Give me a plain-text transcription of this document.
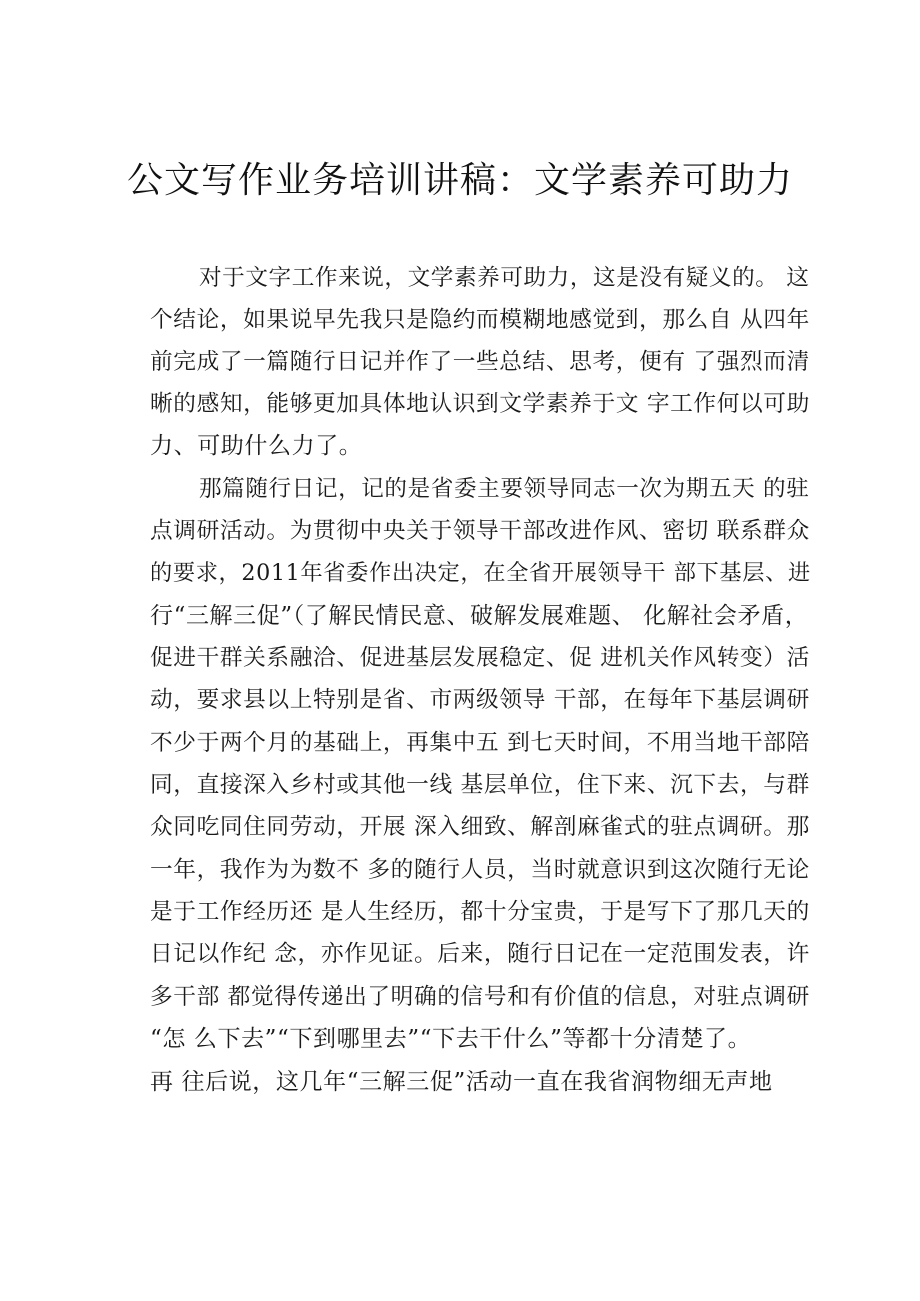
公文写作业务培训讲稿：文学素养可助力
对于文字工作来说，文学素养可助力，这是没有疑义的。 这
个结论，如果说早先我只是隐约而模糊地感觉到，那么自 从四年
前完成了一篇随行日记并作了一些总结、思考，便有 了强烈而清
晰的感知，能够更加具体地认识到文学素养于文 字工作何以可助
力、可助什么力了。
那篇随行日记，记的是省委主要领导同志一次为期五天 的驻
点调研活动。为贯彻中央关于领导干部改进作风、密切 联系群众
的要求，2011年省委作出决定，在全省开展领导干 部下基层、进
行“三解三促”（了解民情民意、破解发展难题、 化解社会矛盾，
促进干群关系融洽、促进基层发展稳定、促 进机关作风转变）活
动，要求县以上特别是省、市两级领导 干部，在每年下基层调研
不少于两个月的基础上，再集中五 到七天时间，不用当地干部陪
同，直接深入乡村或其他一线 基层单位，住下来、沉下去，与群
众同吃同住同劳动，开展 深入细致、解剖麻雀式的驻点调研。那
一年，我作为为数不 多的随行人员，当时就意识到这次随行无论
是于工作经历还 是人生经历，都十分宝贵，于是写下了那几天的
日记以作纪 念，亦作见证。后来，随行日记在一定范围发表，许
多干部 都觉得传递出了明确的信号和有价值的信息，对驻点调研
“怎 么下去”“下到哪里去”“下去干什么”等都十分清楚了。
再 往后说，这几年“三解三促”活动一直在我省润物细无声地
